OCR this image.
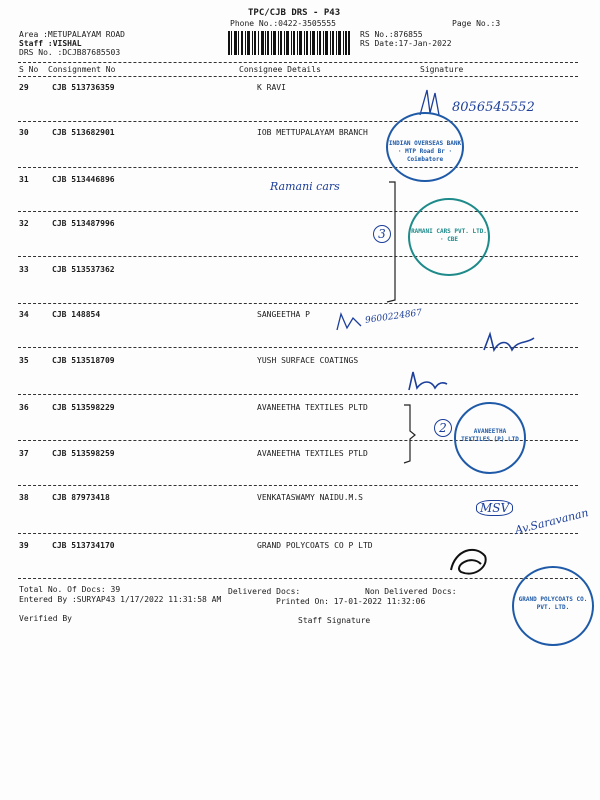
TPC/CJB DRS - P43
Phone No.:0422-3505555	Page No.:3
Area :METUPALAYAM ROAD
Staff :VISHAL
DRS No. :DCJB87685503
RS No.:876855
RS Date:17-Jan-2022
S No Consignment No	Consignee Details	Signature
29	CJB 513736359	K RAVI
30	CJB 513682901	IOB METTUPALAYAM BRANCH
31	CJB 513446896
32	CJB 513487996
33	CJB 513537362
34	CJB 148854	SANGEETHA P
35	CJB 513518709	YUSH SURFACE COATINGS
36	CJB 513598229	AVANEETHA TEXTILES PLTD
37	CJB 513598259	AVANEETHA TEXTILES PTLD
38	CJB 87973418	VENKATASWAMY NAIDU.M.S
39	CJB 513734170	GRAND POLYCOATS CO P LTD
8056545552
INDIAN OVERSEAS BANK · MTP Road Br · Coimbatore
Ramani cars
3	RAMANI CARS PVT. LTD. · CBE
9600224867
2	AVANEETHA TEXTILES (P) LTD
MSV Av.Saravanan
GRAND POLYCOATS CO. PVT. LTD.
Total No. Of Docs: 39	Delivered Docs:	Non Delivered Docs:
Entered By :SURYAP43 1/17/2022 11:31:58 AM	Printed On: 17-01-2022 11:32:06
Verified By	Staff Signature
